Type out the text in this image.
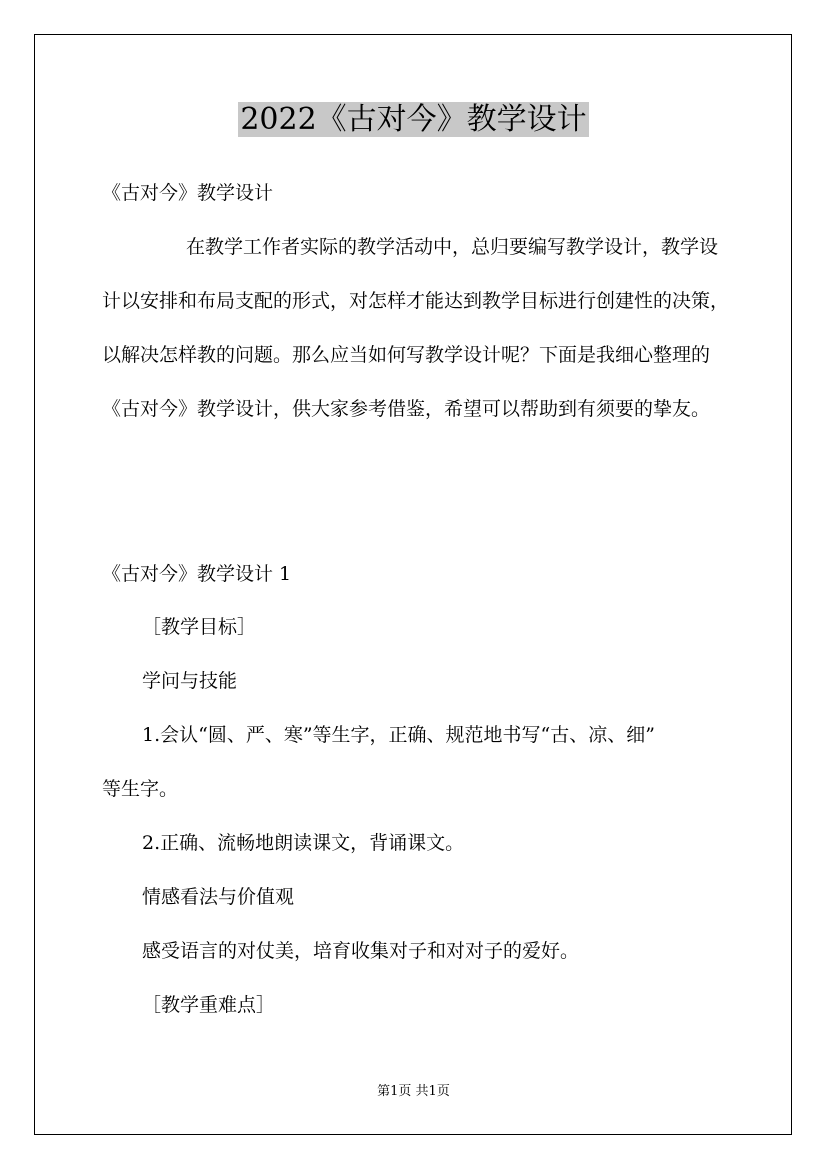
2022《古对今》教学设计
《古对今》教学设计
在教学工作者实际的教学活动中，总归要编写教学设计，教学设计以安排和布局支配的形式，对怎样才能达到教学目标进行创建性的决策，以解决怎样教的问题。那么应当如何写教学设计呢？下面是我细心整理的《古对今》教学设计，供大家参考借鉴，希望可以帮助到有须要的挚友。
《古对今》教学设计 1
［教学目标］
学问与技能
1.会认“圆、严、寒”等生字，正确、规范地书写“古、凉、细”
等生字。
2.正确、流畅地朗读课文，背诵课文。
情感看法与价值观
感受语言的对仗美，培育收集对子和对对子的爱好。
［教学重难点］
第1页 共1页
